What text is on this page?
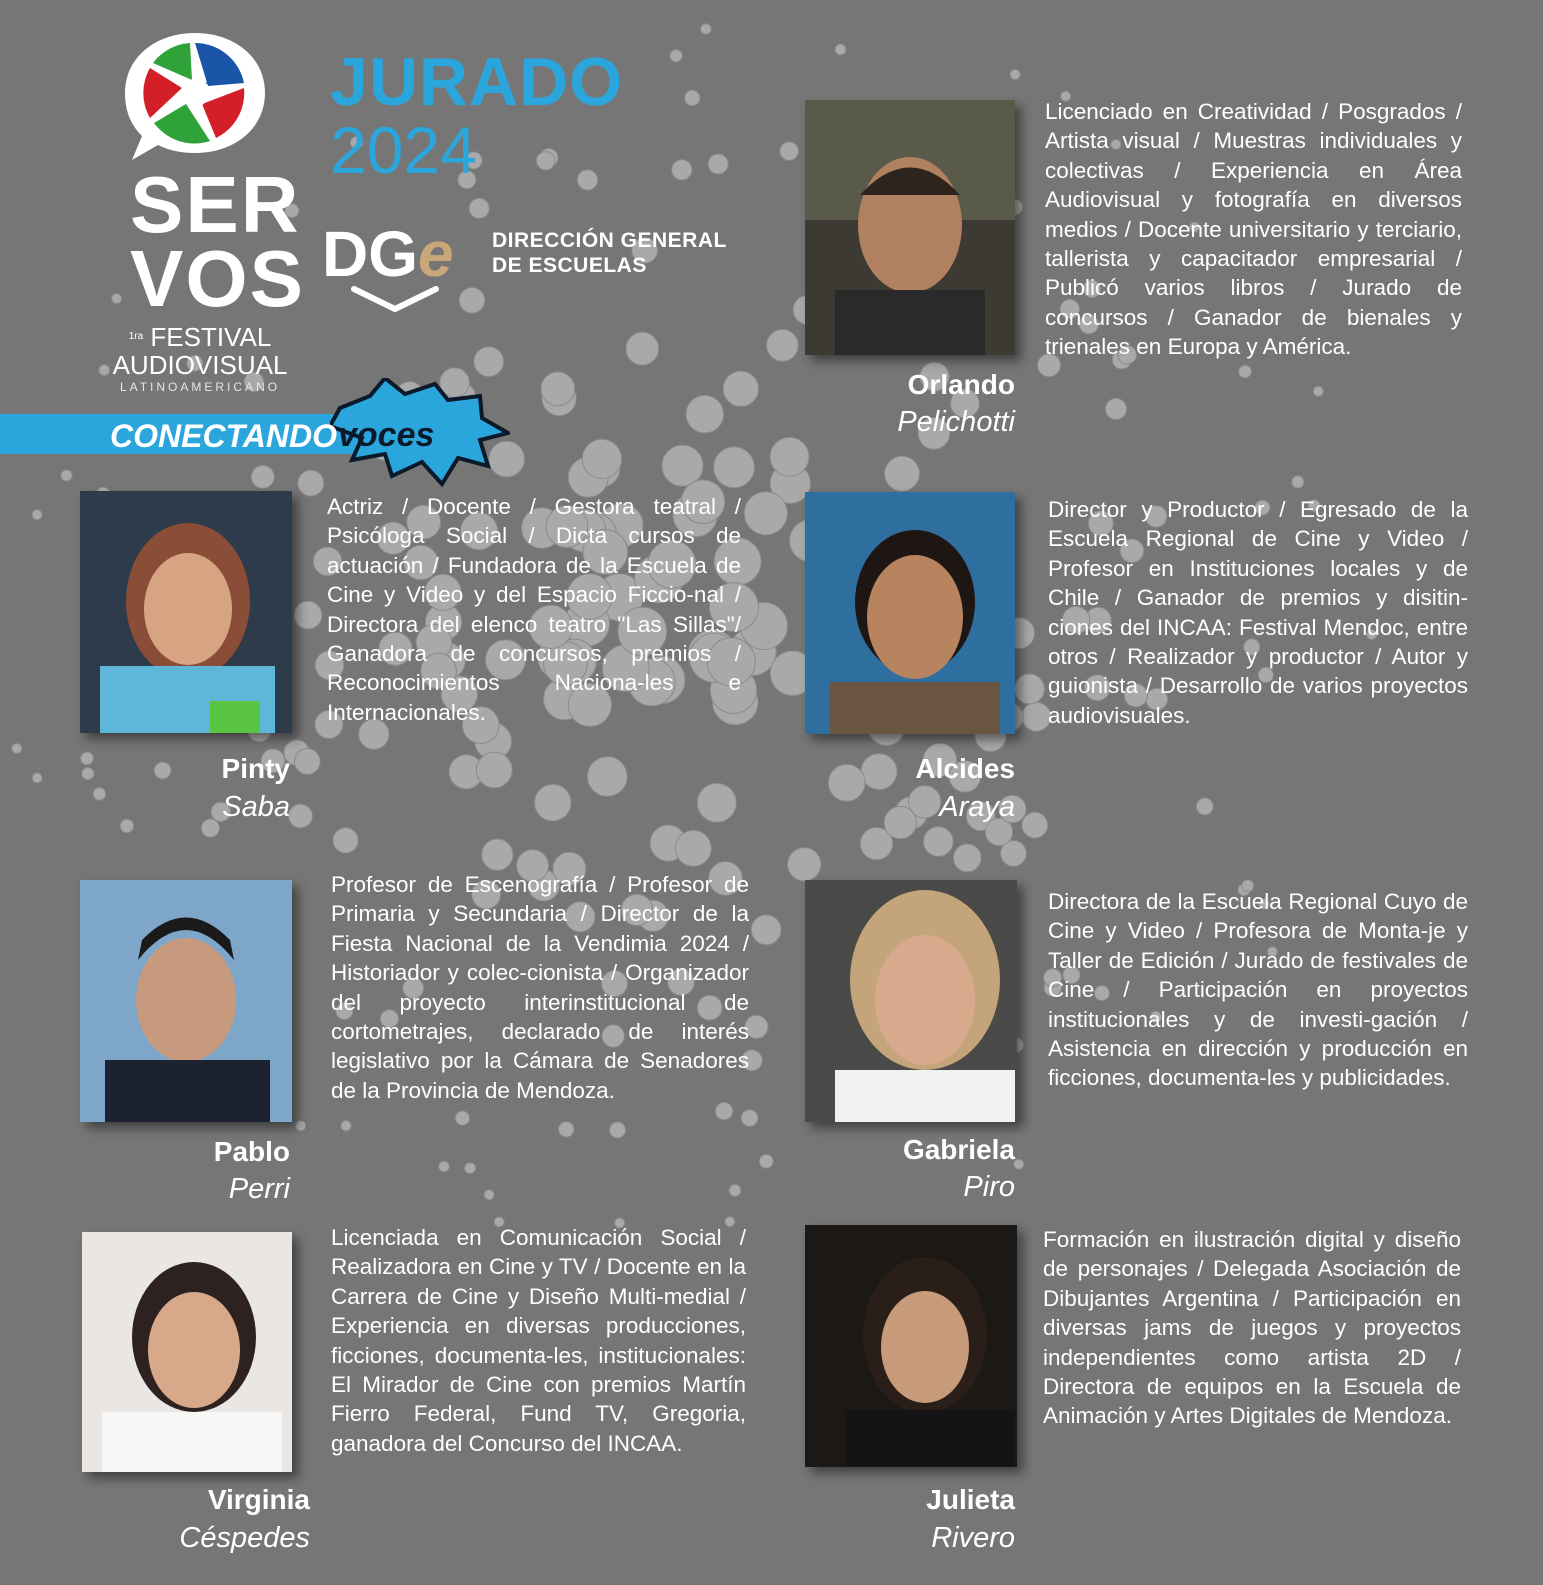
SER
VOS
$^{1ra}$ FESTIVAL
AUDIOVISUAL
LATINOAMERICANO
CONECTANDO voces
JURADO
2024
DGe DIRECCIÓN GENERAL
DE ESCUELAS
Orlando
Pelichotti
Licenciado en Creatividad / Posgrados / Artista visual / Muestras individuales y colectivas / Experiencia en Área Audiovisual y fotografía en diversos medios / Docente universitario y terciario, tallerista y capacitador empresarial / Publicó varios libros / Jurado de concursos / Ganador de bienales y trienales en Europa y América.
Pinty
Saba
Actriz / Docente / Gestora teatral / Psicóloga Social / Dicta cursos de actuación / Fundadora de la Escuela de Cine y Video y del Espacio Ficcio-nal / Directora del elenco teatro "Las Sillas"/ Ganadora de concursos, premios / Reconocimientos Naciona-les e Internacionales.
Alcides
Araya
Director y Productor / Egresado de la Escuela Regional de Cine y Video / Profesor en Instituciones locales y de Chile / Ganador de premios y disitin-ciones del INCAA: Festival Mendoc, entre otros / Realizador y productor / Autor y guionista / Desarrollo de varios proyectos audiovisuales.
Pablo
Perri
Profesor de Escenografía / Profesor de Primaria y Secundaria / Director de la Fiesta Nacional de la Vendimia 2024 / Historiador y colec-cionista / Organizador del proyecto interinstitucional de cortometrajes, declarado de interés legislativo por la Cámara de Senadores de la Provincia de Mendoza.
Gabriela
Piro
Directora de la Escuela Regional Cuyo de Cine y Video / Profesora de Monta-je y Taller de Edición / Jurado de festivales de Cine / Participación en proyectos institucionales y de investi-gación / Asistencia en dirección y producción en ficciones, documenta-les y publicidades.
Virginia
Céspedes
Licenciada en Comunicación Social / Realizadora en Cine y TV / Docente en la Carrera de Cine y Diseño Multi-medial / Experiencia en diversas producciones, ficciones, documenta-les, institucionales: El Mirador de Cine con premios Martín Fierro Federal, Fund TV, Gregoria, ganadora del Concurso del INCAA.
Julieta
Rivero
Formación en ilustración digital y diseño de personajes / Delegada Asociación de Dibujantes Argentina / Participación en diversas jams de juegos y proyectos independientes como artista 2D / Directora de equipos en la Escuela de Animación y Artes Digitales de Mendoza.
